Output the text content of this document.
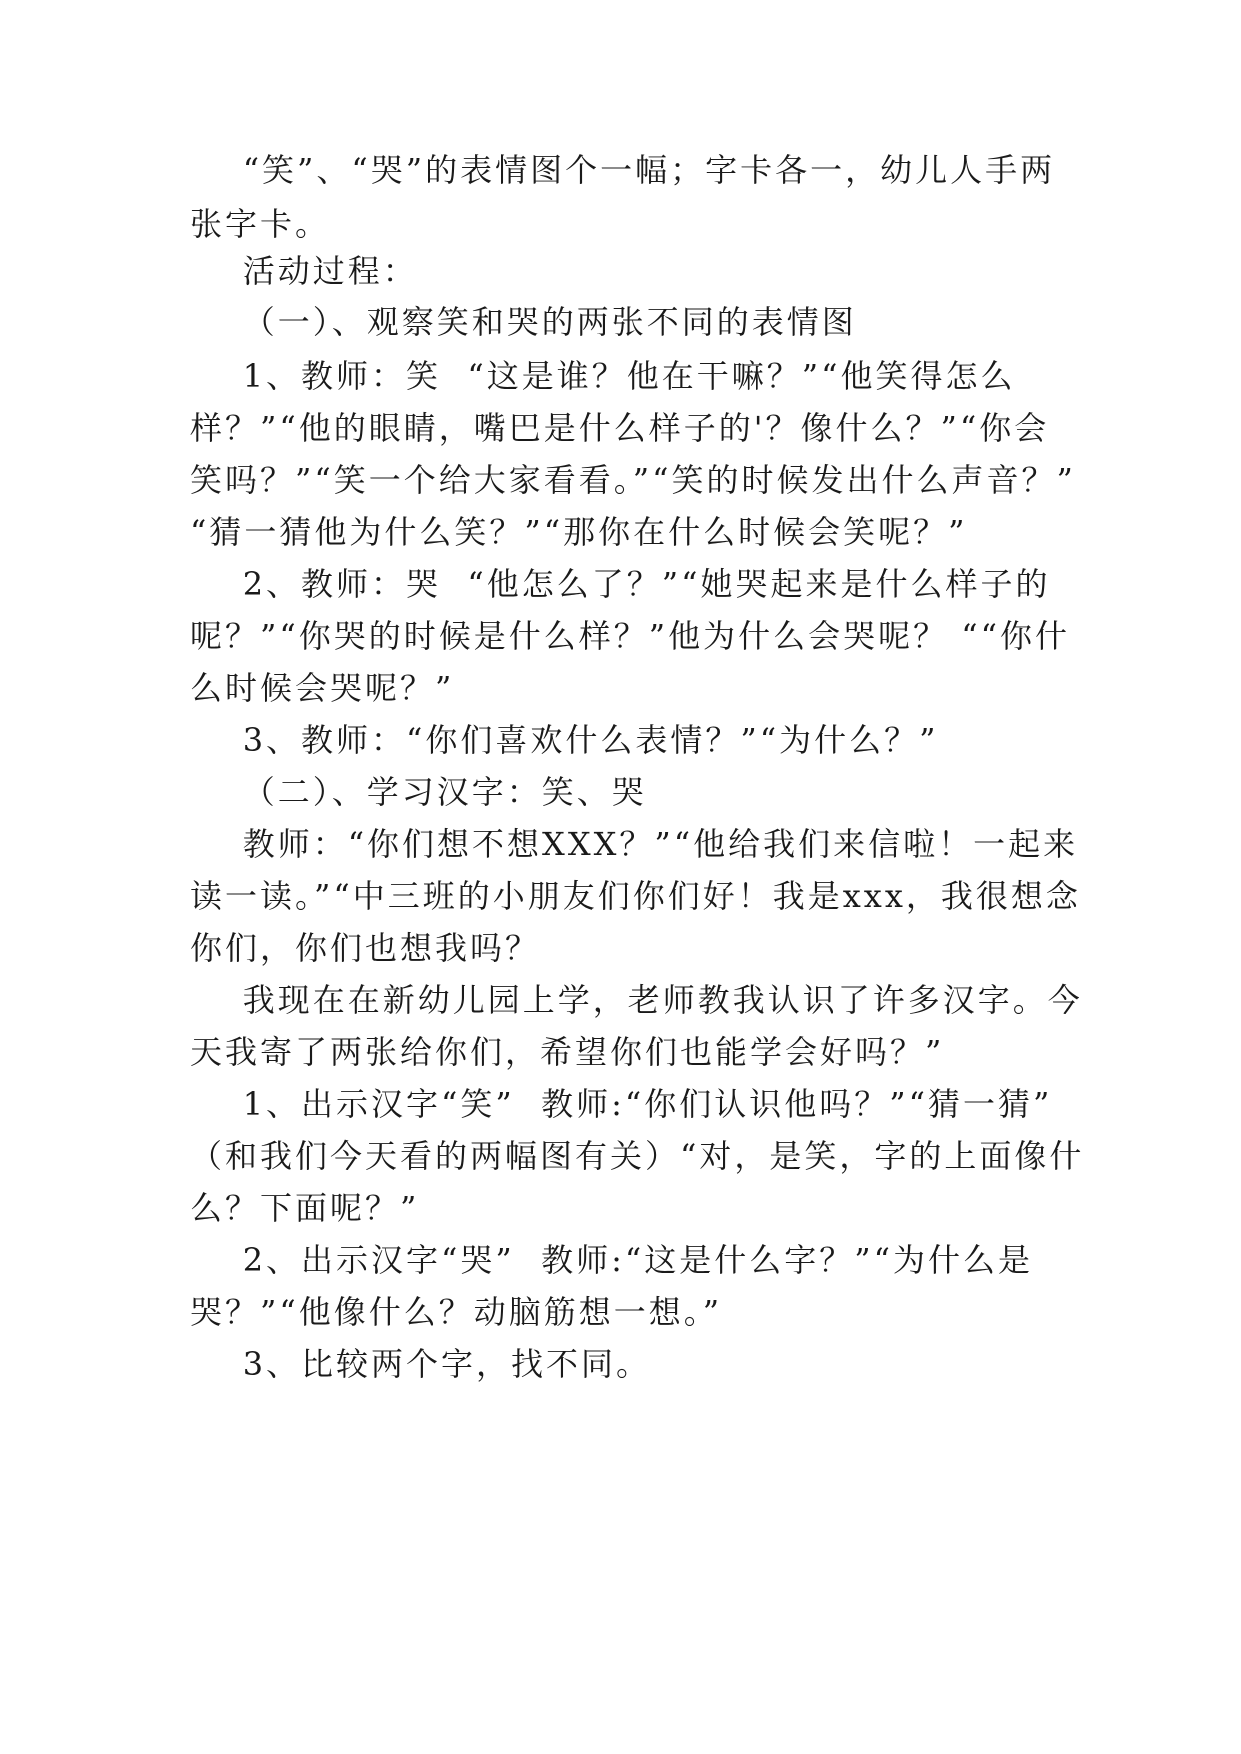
“笑”、“哭”的表情图个一幅；字卡各一，幼儿人手两
张字卡。
活动过程：
（一）、观察笑和哭的两张不同的表情图
1、教师：笑  “这是谁？他在干嘛？”“他笑得怎么
样？”“他的眼睛，嘴巴是什么样子的'？像什么？”“你会
笑吗？”“笑一个给大家看看。”“笑的时候发出什么声音？”
“猜一猜他为什么笑？”“那你在什么时候会笑呢？”
2、教师：哭  “他怎么了？”“她哭起来是什么样子的
呢？”“你哭的时候是什么样？”他为什么会哭呢？ ““你什
么时候会哭呢？”
3、教师：“你们喜欢什么表情？”“为什么？”
（二）、学习汉字：笑、哭
教师：“你们想不想XXX？”“他给我们来信啦！一起来
读一读。”“中三班的小朋友们你们好！我是xxx，我很想念
你们，你们也想我吗？
我现在在新幼儿园上学，老师教我认识了许多汉字。今
天我寄了两张给你们，希望你们也能学会好吗？”
1、出示汉字“笑”  教师:“你们认识他吗？”“猜一猜”
（和我们今天看的两幅图有关）“对，是笑，字的上面像什
么？下面呢？”
2、出示汉字“哭”  教师:“这是什么字？”“为什么是
哭？”“他像什么？动脑筋想一想。”
3、比较两个字，找不同。
